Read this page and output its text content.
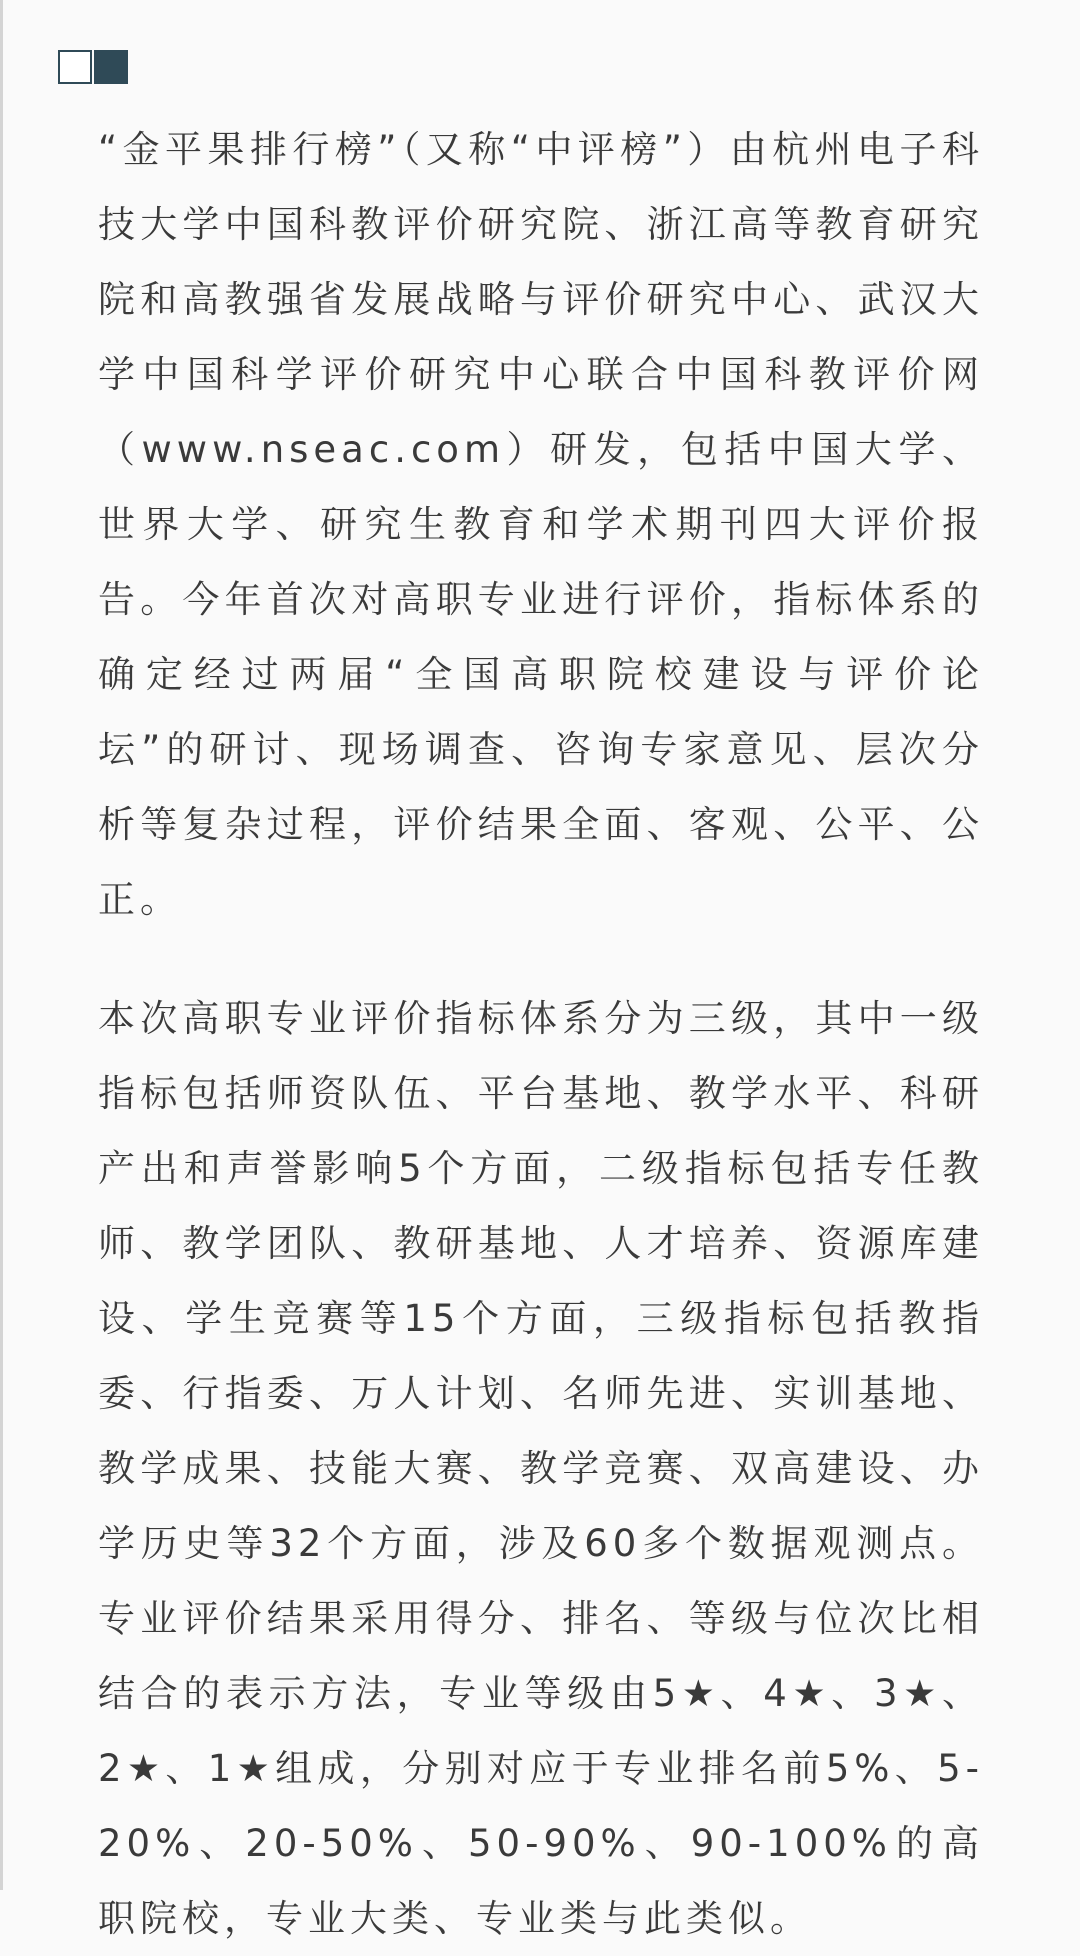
“金平果排行榜”（又称“中评榜”）由杭州电子科技大学中国科教评价研究院、浙江高等教育研究院和高教强省发展战略与评价研究中心、武汉大学中国科学评价研究中心联合中国科教评价网（www.nseac.com）研发，包括中国大学、世界大学、研究生教育和学术期刊四大评价报告。今年首次对高职专业进行评价，指标体系的确定经过两届“全国高职院校建设与评价论坛”的研讨、现场调查、咨询专家意见、层次分析等复杂过程，评价结果全面、客观、公平、公正。

本次高职专业评价指标体系分为三级，其中一级指标包括师资队伍、平台基地、教学水平、科研产出和声誉影响5个方面，二级指标包括专任教师、教学团队、教研基地、人才培养、资源库建设、学生竞赛等15个方面，三级指标包括教指委、行指委、万人计划、名师先进、实训基地、教学成果、技能大赛、教学竞赛、双高建设、办学历史等32个方面，涉及60多个数据观测点。专业评价结果采用得分、排名、等级与位次比相结合的表示方法，专业等级由5★、4★、3★、2★、1★组成，分别对应于专业排名前5%、5-20%、20-50%、50-90%、90-100%的高职院校，专业大类、专业类与此类似。
